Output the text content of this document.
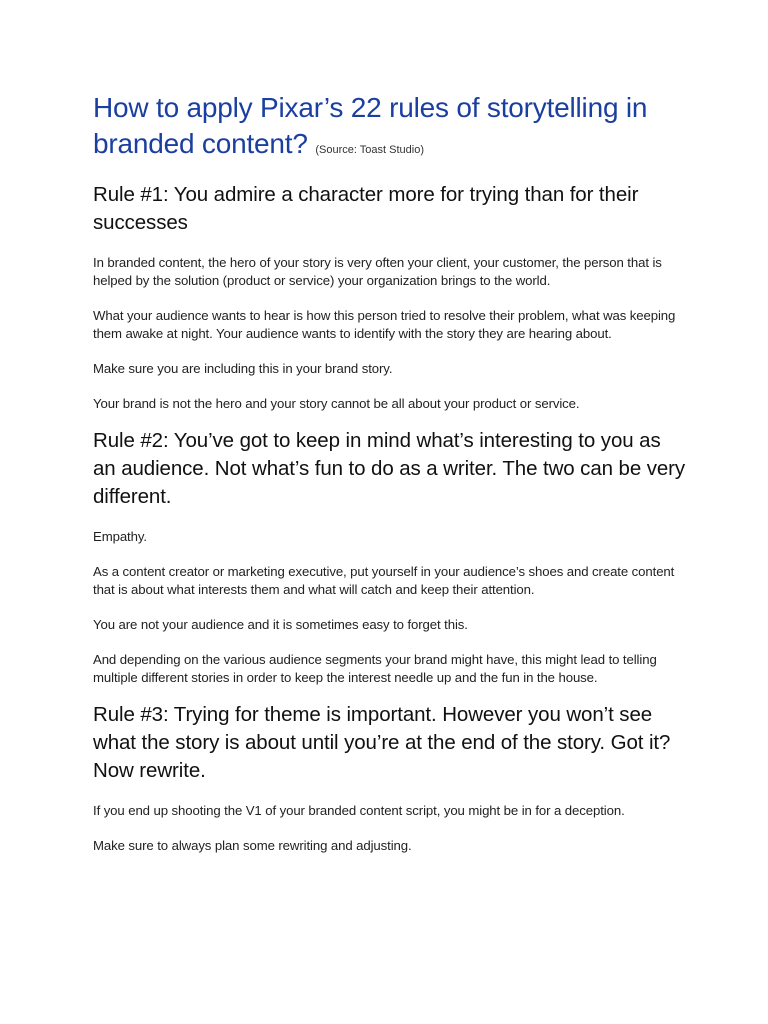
How to apply Pixar’s 22 rules of storytelling in branded content? (Source: Toast Studio)
Rule #1: You admire a character more for trying than for their successes

In branded content, the hero of your story is very often your client, your customer, the person that is helped by the solution (product or service) your organization brings to the world.

What your audience wants to hear is how this person tried to resolve their problem, what was keeping them awake at night. Your audience wants to identify with the story they are hearing about.

Make sure you are including this in your brand story.

Your brand is not the hero and your story cannot be all about your product or service.

Rule #2: You’ve got to keep in mind what’s interesting to you as an audience. Not what’s fun to do as a writer. The two can be very different.

Empathy.

As a content creator or marketing executive, put yourself in your audience’s shoes and create content that is about what interests them and what will catch and keep their attention.

You are not your audience and it is sometimes easy to forget this.

And depending on the various audience segments your brand might have, this might lead to telling multiple different stories in order to keep the interest needle up and the fun in the house.

Rule #3: Trying for theme is important. However you won’t see what the story is about until you’re at the end of the story. Got it? Now rewrite.

If you end up shooting the V1 of your branded content script, you might be in for a deception.

Make sure to always plan some rewriting and adjusting.
